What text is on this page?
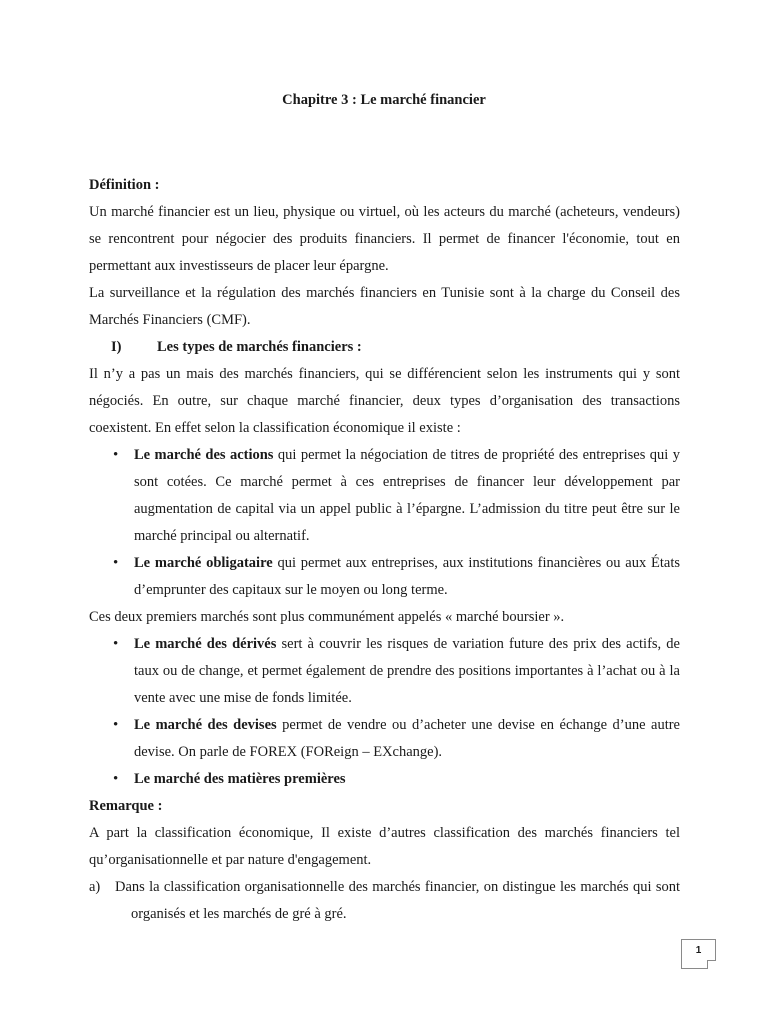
Chapitre 3 : Le marché financier

Définition :

Un marché financier est un lieu, physique ou virtuel, où les acteurs du marché (acheteurs, vendeurs) se rencontrent pour négocier des produits financiers. Il permet de financer l'économie, tout en permettant aux investisseurs de placer leur épargne.

La surveillance et la régulation des marchés financiers en Tunisie sont à la charge du Conseil des Marchés Financiers (CMF).

I) Les types de marchés financiers :

Il n’y a pas un mais des marchés financiers, qui se différencient selon les instruments qui y sont négociés. En outre, sur chaque marché financier, deux types d’organisation des transactions coexistent. En effet selon la classification économique il existe :

• Le marché des actions qui permet la négociation de titres de propriété des entreprises qui y sont cotées. Ce marché permet à ces entreprises de financer leur développement par augmentation de capital via un appel public à l’épargne. L’admission du titre peut être sur le marché principal ou alternatif.
• Le marché obligataire qui permet aux entreprises, aux institutions financières ou aux États d’emprunter des capitaux sur le moyen ou long terme.

Ces deux premiers marchés sont plus communément appelés « marché boursier ».

• Le marché des dérivés sert à couvrir les risques de variation future des prix des actifs, de taux ou de change, et permet également de prendre des positions importantes à l’achat ou à la vente avec une mise de fonds limitée.
• Le marché des devises permet de vendre ou d’acheter une devise en échange d’une autre devise. On parle de FOREX (FOReign – EXchange).
• Le marché des matières premières

Remarque :

A part la classification économique, Il existe d’autres classification des marchés financiers tel qu’organisationnelle et par nature d'engagement.

a) Dans la classification organisationnelle des marchés financier, on distingue les marchés qui sont organisés et les marchés de gré à gré.
1
